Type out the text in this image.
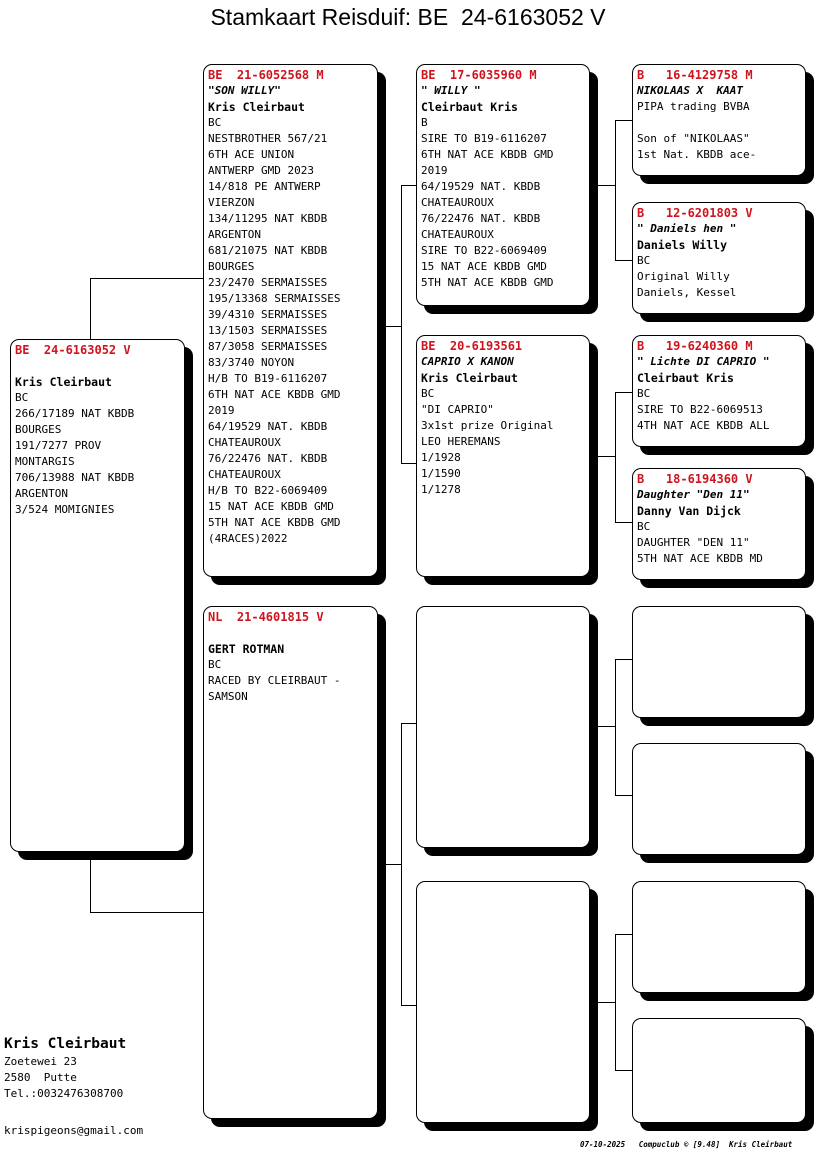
Stamkaart Reisduif: BE  24-6163052 V
BE  24-6163052 V
Kris Cleirbaut
BC
266/17189 NAT KBDB
BOURGES
191/7277 PROV
MONTARGIS
706/13988 NAT KBDB
ARGENTON
3/524 MOMIGNIES
BE  21-6052568 M
"SON WILLY"
Kris Cleirbaut
BC
NESTBROTHER 567/21
6TH ACE UNION
ANTWERP GMD 2023
14/818 PE ANTWERP
VIERZON
134/11295 NAT KBDB
ARGENTON
681/21075 NAT KBDB
BOURGES
23/2470 SERMAISSES
195/13368 SERMAISSES
39/4310 SERMAISSES
13/1503 SERMAISSES
87/3058 SERMAISSES
83/3740 NOYON
H/B TO B19-6116207
6TH NAT ACE KBDB GMD
2019
64/19529 NAT. KBDB
CHATEAUROUX
76/22476 NAT. KBDB
CHATEAUROUX
H/B TO B22-6069409
15 NAT ACE KBDB GMD
5TH NAT ACE KBDB GMD
(4RACES)2022
NL  21-4601815 V
GERT ROTMAN
BC
RACED BY CLEIRBAUT -
SAMSON
BE  17-6035960 M
" WILLY "
Cleirbaut Kris
B
SIRE TO B19-6116207
6TH NAT ACE KBDB GMD
2019
64/19529 NAT. KBDB
CHATEAUROUX
76/22476 NAT. KBDB
CHATEAUROUX
SIRE TO B22-6069409
15 NAT ACE KBDB GMD
5TH NAT ACE KBDB GMD
BE  20-6193561
CAPRIO X KANON
Kris Cleirbaut
BC
"DI CAPRIO"
3x1st prize Original
LEO HEREMANS
1/1928
1/1590
1/1278
B   16-4129758 M
NIKOLAAS X  KAAT
PIPA trading BVBA
Son of "NIKOLAAS"
1st Nat. KBDB ace-
B   12-6201803 V
" Daniels hen "
Daniels Willy
BC
Original Willy
Daniels, Kessel
B   19-6240360 M
" Lichte DI CAPRIO "
Cleirbaut Kris
BC
SIRE TO B22-6069513
4TH NAT ACE KBDB ALL
B   18-6194360 V
Daughter "Den 11"
Danny Van Dijck
BC
DAUGHTER "DEN 11"
5TH NAT ACE KBDB MD
Kris Cleirbaut
Zoetewei 23
2580  Putte
Tel.:0032476308700
krispigeons@gmail.com
07-10-2025   Compuclub © [9.48]  Kris Cleirbaut
